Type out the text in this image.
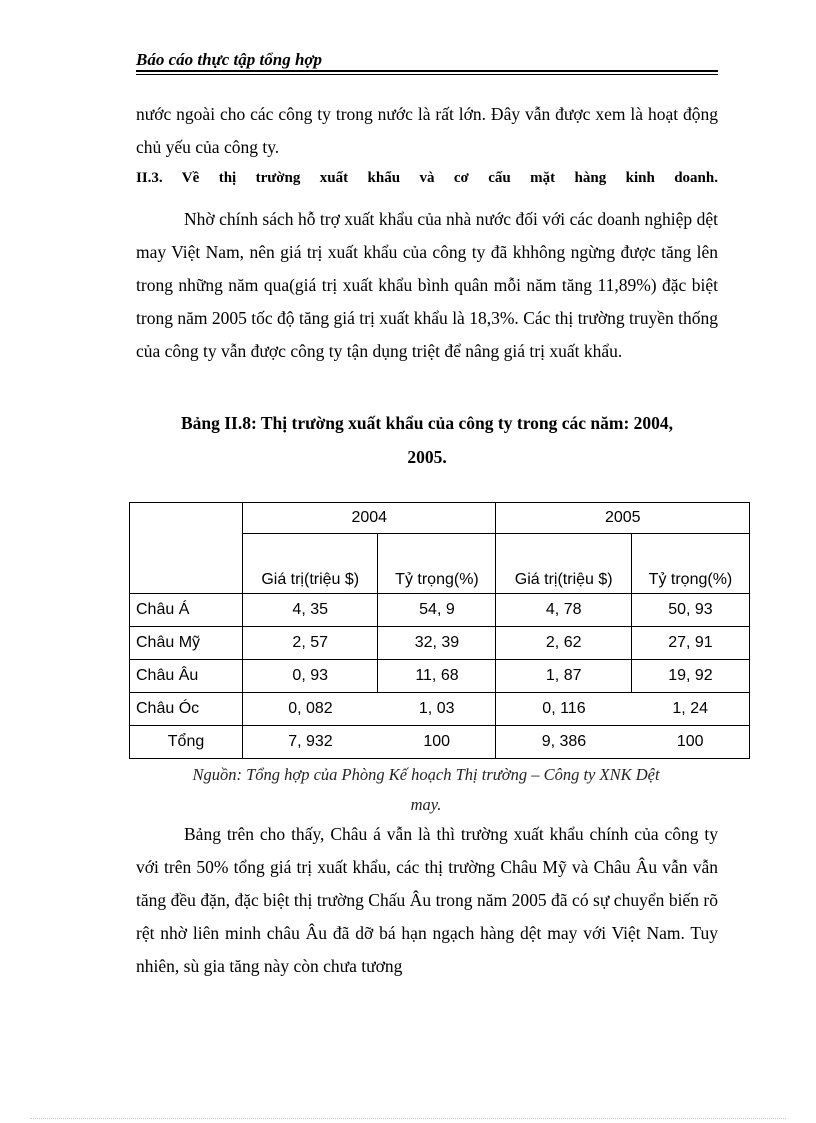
Báo cáo thực tập tổng hợp
nước ngoài cho các công ty trong nước là rất lớn. Đây vẫn được xem là hoạt động chủ yếu của công ty.
II.3. Về thị trường xuất khẩu và cơ cấu mặt hàng kinh doanh.
Nhờ chính sách hỗ trợ xuất khẩu của nhà nước đối với các doanh nghiệp dệt may Việt Nam, nên giá trị xuất khẩu của công ty đã khhông ngừng được tăng lên trong những năm qua(giá trị xuất khẩu bình quân mỗi năm tăng 11,89%) đặc biệt trong năm 2005 tốc độ tăng giá trị xuất khẩu là 18,3%. Các thị trường truyền thống của công ty vẫn được công ty tận dụng triệt để nâng giá trị xuất khẩu.
Bảng II.8: Thị trường xuất khẩu của công ty trong các năm: 2004,
2005.
	2004		2005	
	Giá trị(triệu $)	Tỷ trọng(%)	Giá trị(triệu $)	Tỷ trọng(%)
Châu Á	4, 35	54, 9	4, 78	50, 93
Châu Mỹ	2, 57	32, 39	2, 62	27, 91
Châu Âu	0, 93	11, 68	1, 87	19, 92
Châu Óc	0, 082	1, 03	0, 116	1, 24
Tổng	7, 932	100	9, 386	100
Nguồn: Tổng hợp của Phòng Kế hoạch Thị trường – Công ty XNK Dệt
may.
Bảng trên cho thấy, Châu á vẫn là thì trường xuất khẩu chính của công ty với trên 50% tổng giá trị xuất khẩu, các thị trường Châu Mỹ và Châu Âu vẫn vẫn tăng đều đặn, đặc biệt thị trường Chấu Âu trong năm 2005 đã có sự chuyển biến rõ rệt nhờ liên minh châu Âu đã dỡ bá hạn ngạch hàng dệt may với Việt Nam. Tuy nhiên, sù gia tăng này còn chưa tương
